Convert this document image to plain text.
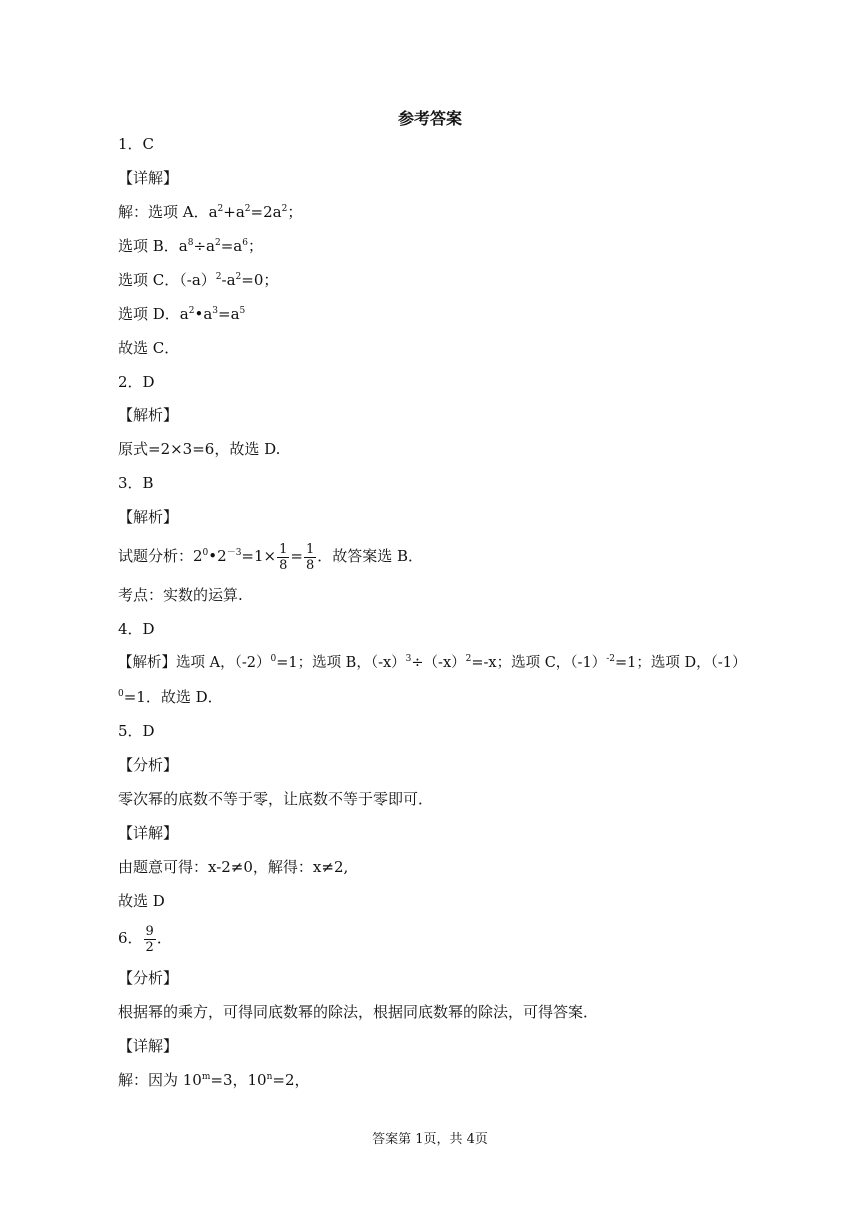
参考答案
1．C
【详解】
解：选项 A．$a^2+a^2=2a^2$；
选项 B．$a^8\div a^2=a^6$；
选项 C．$(-a)^2-a^2=0$；
选项 D．$a^2•a^3=a^5$
故选 C．
2．D
【解析】
原式=2×3=6，故选 D.
3．B
【解析】
试题分析：$2^0•2^{-3}=1\times \frac{1}{8} = \frac{1}{8}$ ．故答案选 B．
考点：实数的运算.
4．D
【解析】选项 A，$(-2)^0=1$；选项 B，$(-x)^3\div(-x)^2=-x$；选项 C，$(-1)^{-2}=1$；选项 D，（-1）
$^0$=1．故选 D．
5．D
【分析】
零次幂的底数不等于零，让底数不等于零即可．
【详解】
由题意可得：x-2≠0，解得：x≠2,
故选 D
6． $\frac{9}{2}$ ．
【分析】
根据幂的乘方，可得同底数幂的除法，根据同底数幂的除法，可得答案．
【详解】
解：因为 $10^m=3$，$10^n=2$，
答案第 1页，共 4页
